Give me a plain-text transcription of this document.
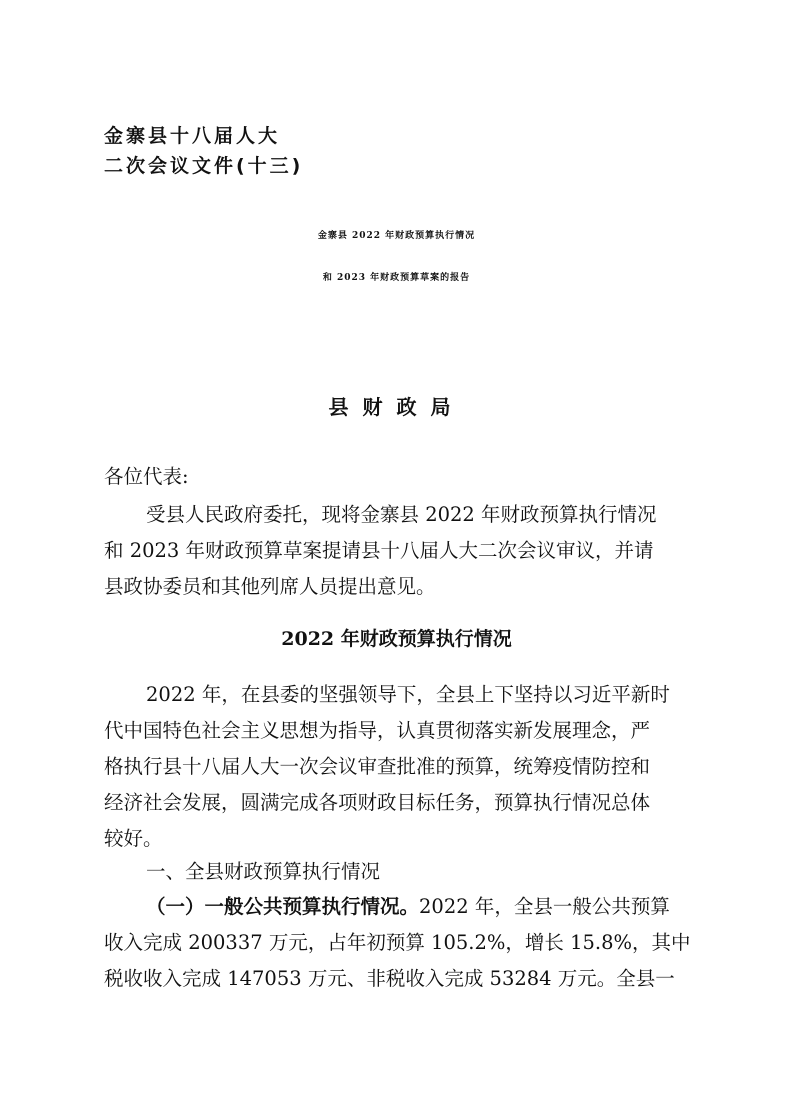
金寨县十八届人大
二次会议文件(十三)
金寨县 2022 年财政预算执行情况
和 2023 年财政预算草案的报告
县财政局
各位代表:
受县人民政府委托，现将金寨县 2022 年财政预算执行情况
和 2023 年财政预算草案提请县十八届人大二次会议审议，并请
县政协委员和其他列席人员提出意见。
2022 年财政预算执行情况
2022 年，在县委的坚强领导下，全县上下坚持以习近平新时
代中国特色社会主义思想为指导，认真贯彻落实新发展理念，严
格执行县十八届人大一次会议审查批准的预算，统筹疫情防控和
经济社会发展，圆满完成各项财政目标任务，预算执行情况总体
较好。
一、全县财政预算执行情况
（一）一般公共预算执行情况。2022 年，全县一般公共预算
收入完成 200337 万元，占年初预算 105.2%，增长 15.8%，其中
税收收入完成 147053 万元、非税收入完成 53284 万元。全县一
